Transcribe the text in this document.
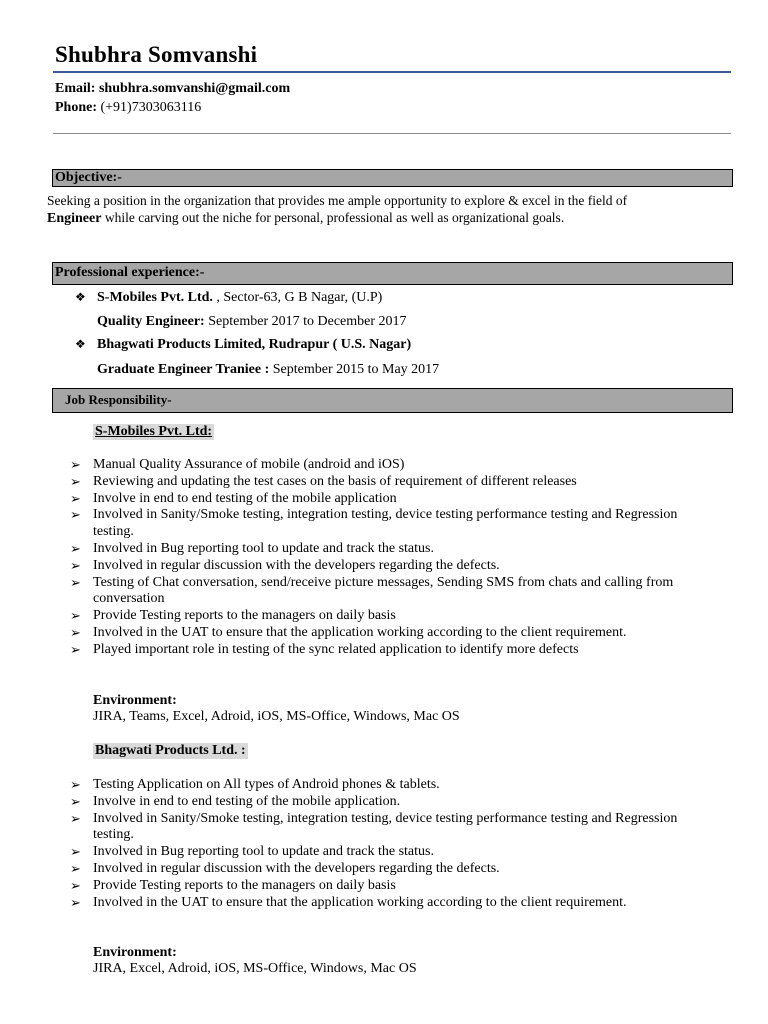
Shubhra Somvanshi
Email: shubhra.somvanshi@gmail.com
Phone: (+91)7303063116
Objective:-
Seeking a position in the organization that provides me ample opportunity to explore & excel in the field of
Engineer while carving out the niche for personal, professional as well as organizational goals.
Professional experience:-
❖ S-Mobiles Pvt. Ltd. , Sector-63, G B Nagar, (U.P)
Quality Engineer: September 2017 to December 2017
❖ Bhagwati Products Limited, Rudrapur ( U.S. Nagar)
Graduate Engineer Traniee : September 2015 to May 2017
Job Responsibility-
S-Mobiles Pvt. Ltd:
➢ Manual Quality Assurance of mobile (android and iOS)
➢ Reviewing and updating the test cases on the basis of requirement of different releases
➢ Involve in end to end testing of the mobile application
➢ Involved in Sanity/Smoke testing, integration testing, device testing performance testing and Regression testing.
➢ Involved in Bug reporting tool to update and track the status.
➢ Involved in regular discussion with the developers regarding the defects.
➢ Testing of Chat conversation, send/receive picture messages, Sending SMS from chats and calling from conversation
➢ Provide Testing reports to the managers on daily basis
➢ Involved in the UAT to ensure that the application working according to the client requirement.
➢ Played important role in testing of the sync related application to identify more defects
Environment:
JIRA, Teams, Excel, Adroid, iOS, MS-Office, Windows, Mac OS
Bhagwati Products Ltd. :
➢ Testing Application on All types of Android phones & tablets.
➢ Involve in end to end testing of the mobile application.
➢ Involved in Sanity/Smoke testing, integration testing, device testing performance testing and Regression testing.
➢ Involved in Bug reporting tool to update and track the status.
➢ Involved in regular discussion with the developers regarding the defects.
➢ Provide Testing reports to the managers on daily basis
➢ Involved in the UAT to ensure that the application working according to the client requirement.
Environment:
JIRA, Excel, Adroid, iOS, MS-Office, Windows, Mac OS
